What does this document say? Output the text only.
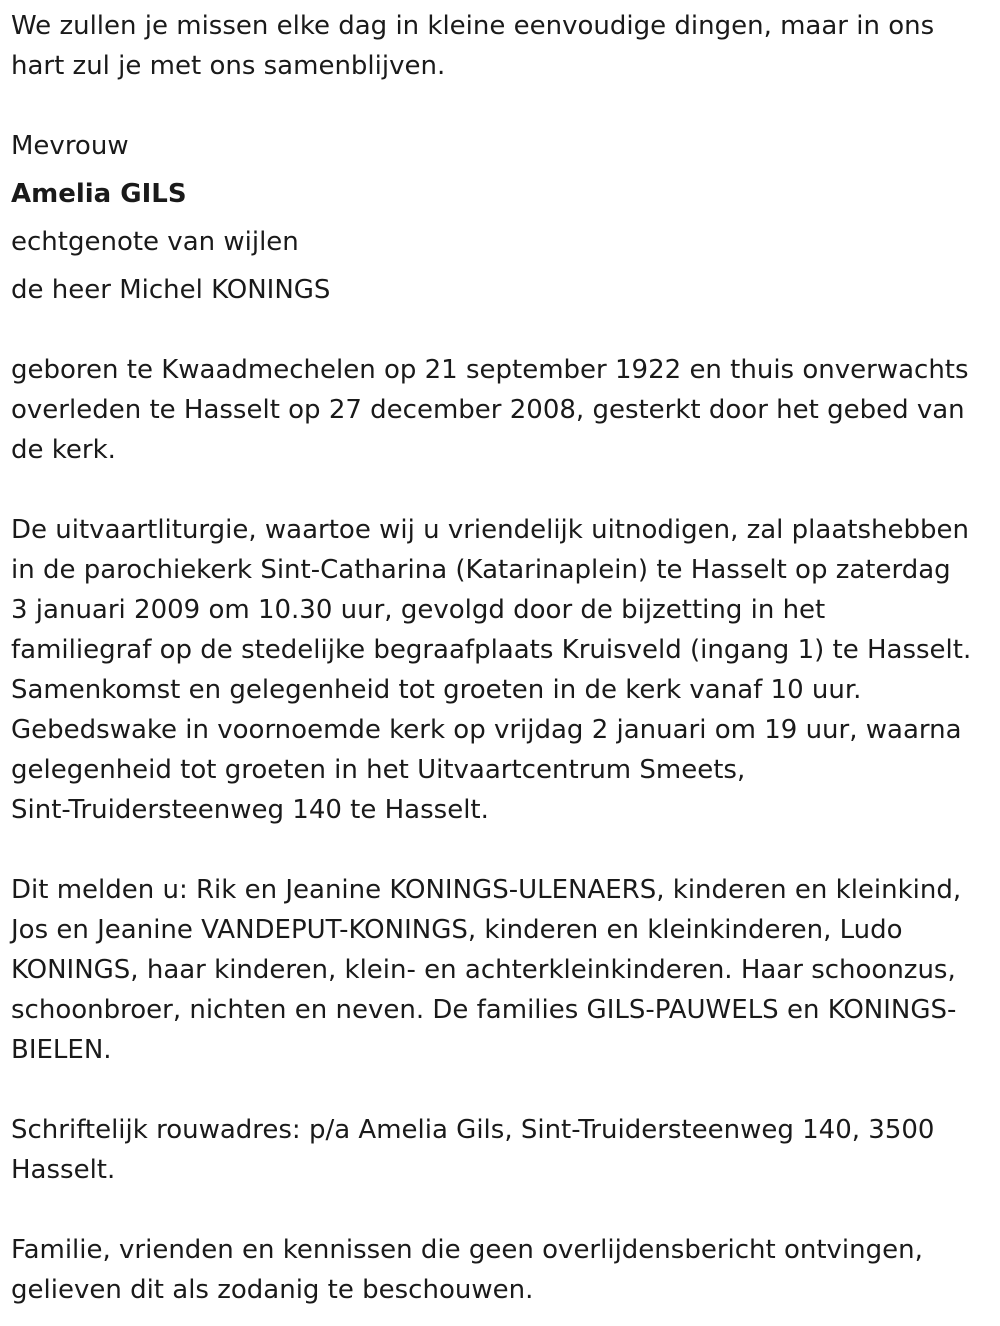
We zullen je missen elke dag in kleine eenvoudige dingen, maar in ons
hart zul je met ons samenblijven.
Mevrouw
Amelia GILS
echtgenote van wijlen
de heer Michel KONINGS
geboren te Kwaadmechelen op 21 september 1922 en thuis onverwachts
overleden te Hasselt op 27 december 2008, gesterkt door het gebed van
de kerk.
De uitvaartliturgie, waartoe wij u vriendelijk uitnodigen, zal plaatshebben
in de parochiekerk Sint-Catharina (Katarinaplein) te Hasselt op zaterdag
3 januari 2009 om 10.30 uur, gevolgd door de bijzetting in het
familiegraf op de stedelijke begraafplaats Kruisveld (ingang 1) te Hasselt.
Samenkomst en gelegenheid tot groeten in de kerk vanaf 10 uur.
Gebedswake in voornoemde kerk op vrijdag 2 januari om 19 uur, waarna
gelegenheid tot groeten in het Uitvaartcentrum Smeets,
Sint-Truidersteenweg 140 te Hasselt.
Dit melden u: Rik en Jeanine KONINGS-ULENAERS, kinderen en kleinkind,
Jos en Jeanine VANDEPUT-KONINGS, kinderen en kleinkinderen, Ludo
KONINGS, haar kinderen, klein- en achterkleinkinderen. Haar schoonzus,
schoonbroer, nichten en neven. De families GILS-PAUWELS en KONINGS-
BIELEN.
Schriftelijk rouwadres: p/a Amelia Gils, Sint-Truidersteenweg 140, 3500
Hasselt.
Familie, vrienden en kennissen die geen overlijdensbericht ontvingen,
gelieven dit als zodanig te beschouwen.
